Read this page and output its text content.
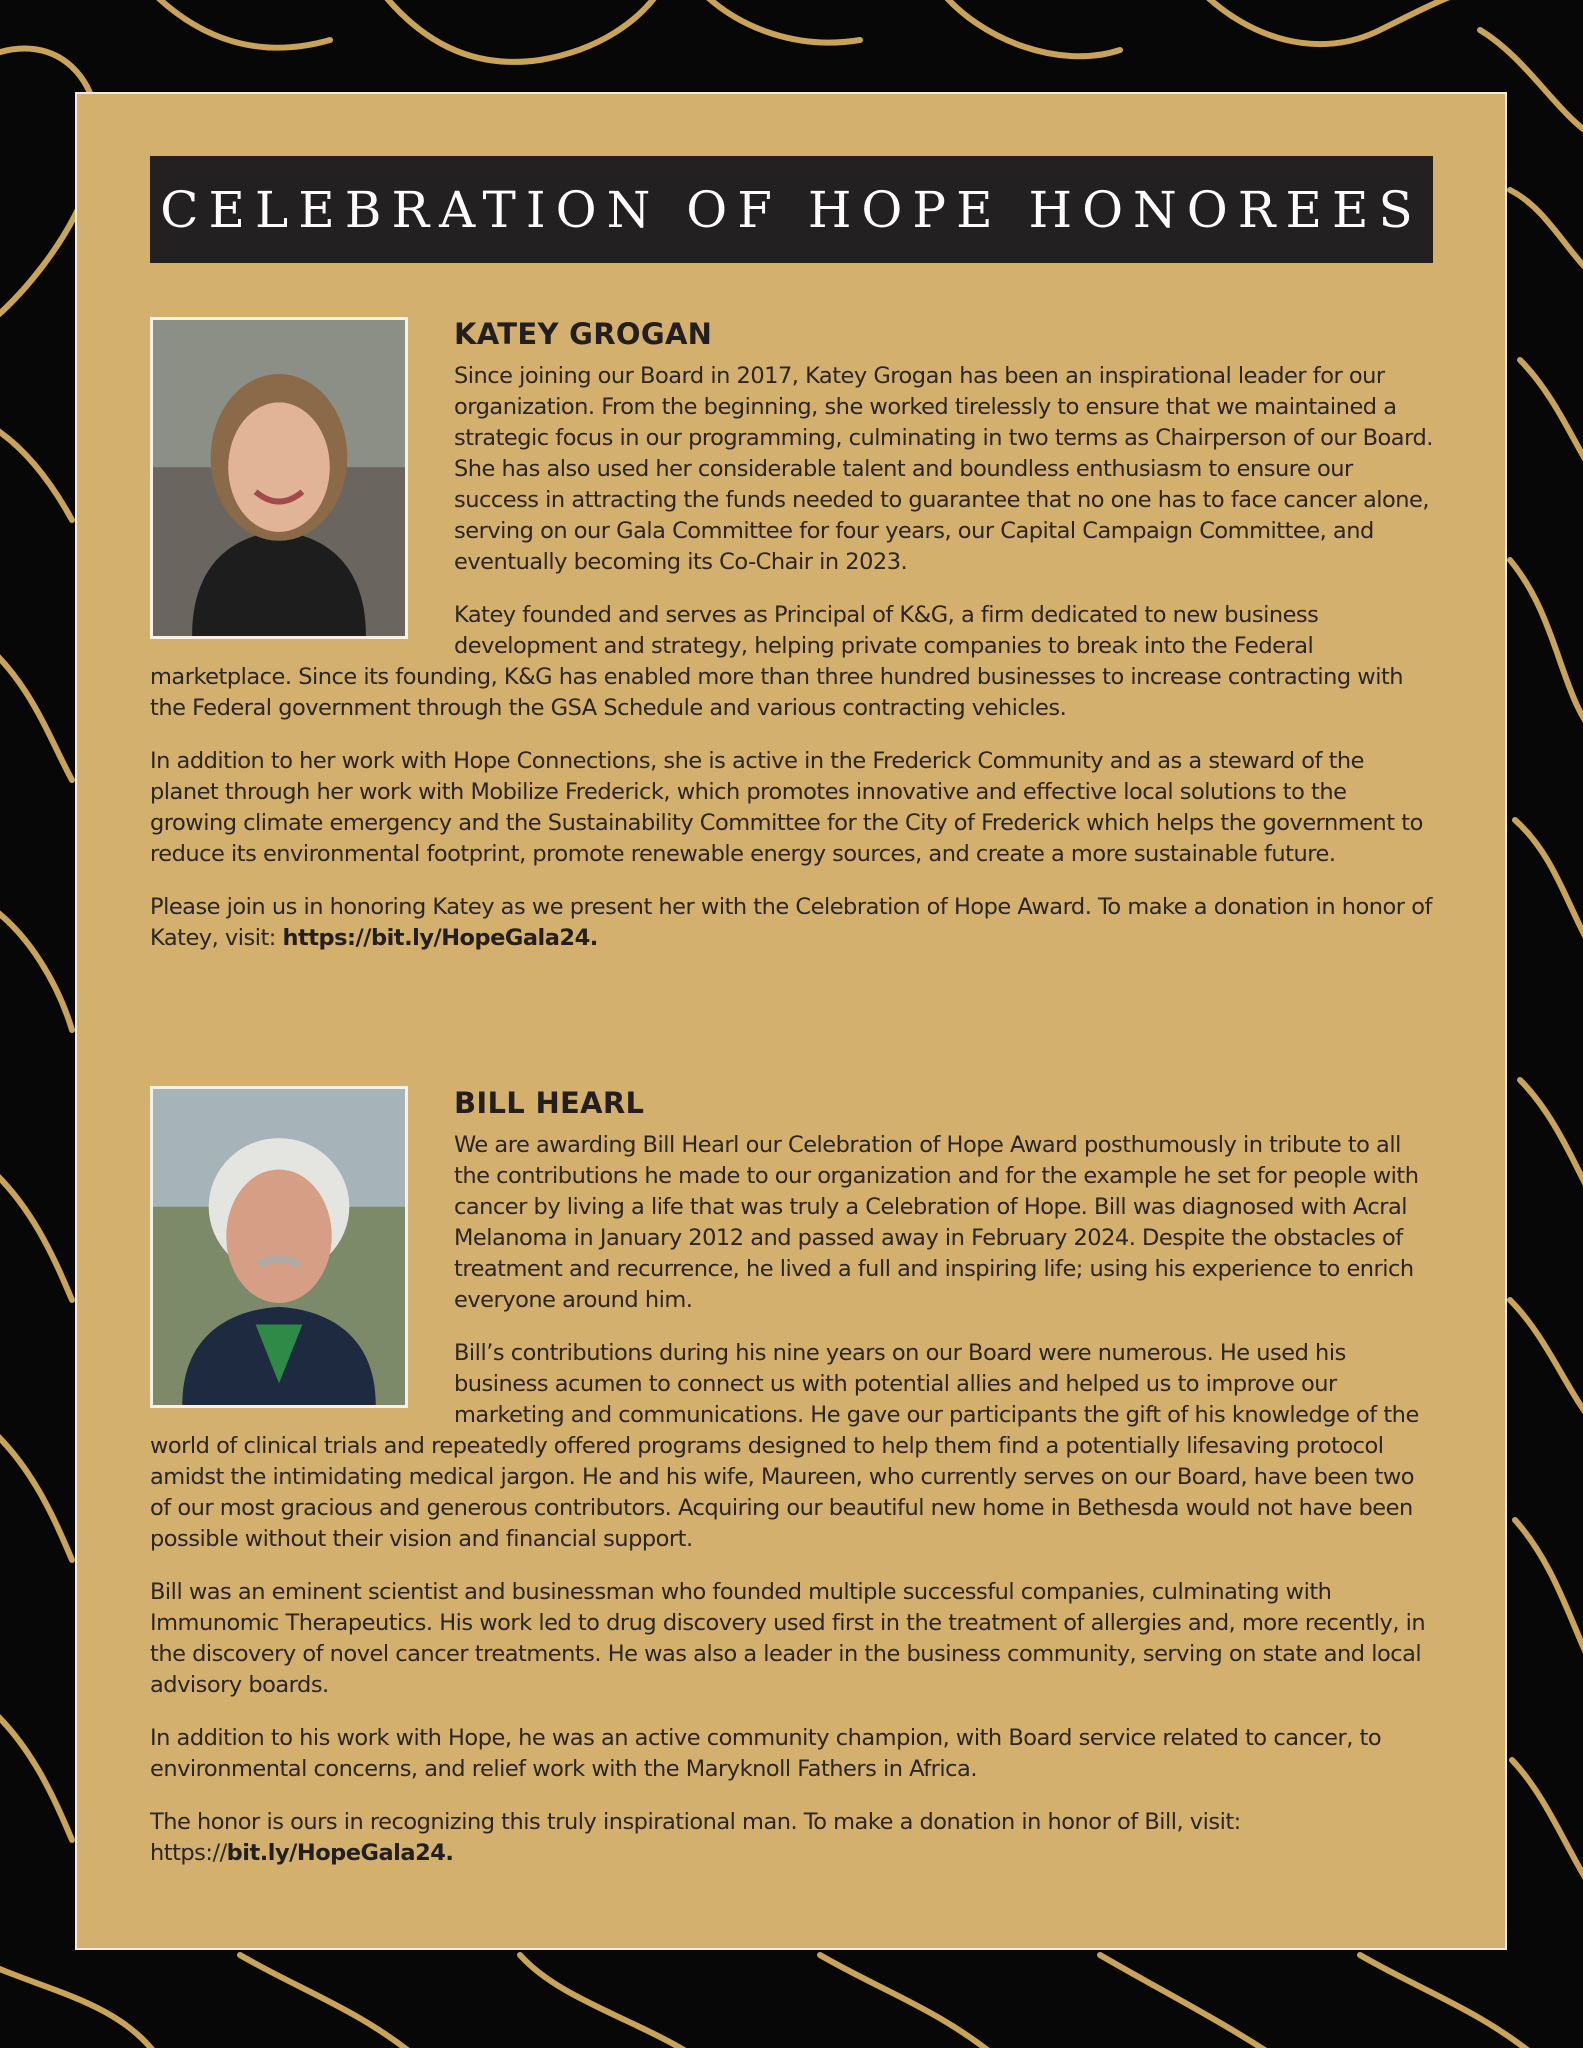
CELEBRATION OF HOPE HONOREES
KATEY GROGAN

Since joining our Board in 2017, Katey Grogan has been an inspirational leader for our organization. From the beginning, she worked tirelessly to ensure that we maintained a strategic focus in our programming, culminating in two terms as Chairperson of our Board. She has also used her considerable talent and boundless enthusiasm to ensure our success in attracting the funds needed to guarantee that no one has to face cancer alone, serving on our Gala Committee for four years, our Capital Campaign Committee, and eventually becoming its Co-Chair in 2023.

Katey founded and serves as Principal of K&G, a firm dedicated to new business development and strategy, helping private companies to break into the Federal marketplace. Since its founding, K&G has enabled more than three hundred businesses to increase contracting with the Federal government through the GSA Schedule and various contracting vehicles.

In addition to her work with Hope Connections, she is active in the Frederick Community and as a steward of the planet through her work with Mobilize Frederick, which promotes innovative and effective local solutions to the growing climate emergency and the Sustainability Committee for the City of Frederick which helps the government to reduce its environmental footprint, promote renewable energy sources, and create a more sustainable future.

Please join us in honoring Katey as we present her with the Celebration of Hope Award. To make a donation in honor of Katey, visit: https://bit.ly/HopeGala24.

BILL HEARL

We are awarding Bill Hearl our Celebration of Hope Award posthumously in tribute to all the contributions he made to our organization and for the example he set for people with cancer by living a life that was truly a Celebration of Hope. Bill was diagnosed with Acral Melanoma in January 2012 and passed away in February 2024. Despite the obstacles of treatment and recurrence, he lived a full and inspiring life; using his experience to enrich everyone around him.

Bill’s contributions during his nine years on our Board were numerous. He used his business acumen to connect us with potential allies and helped us to improve our marketing and communications. He gave our participants the gift of his knowledge of the world of clinical trials and repeatedly offered programs designed to help them find a potentially lifesaving protocol amidst the intimidating medical jargon. He and his wife, Maureen, who currently serves on our Board, have been two of our most gracious and generous contributors. Acquiring our beautiful new home in Bethesda would not have been possible without their vision and financial support.

Bill was an eminent scientist and businessman who founded multiple successful companies, culminating with Immunomic Therapeutics. His work led to drug discovery used first in the treatment of allergies and, more recently, in the discovery of novel cancer treatments. He was also a leader in the business community, serving on state and local advisory boards.

In addition to his work with Hope, he was an active community champion, with Board service related to cancer, to environmental concerns, and relief work with the Maryknoll Fathers in Africa.

The honor is ours in recognizing this truly inspirational man. To make a donation in honor of Bill, visit: https://bit.ly/HopeGala24.
